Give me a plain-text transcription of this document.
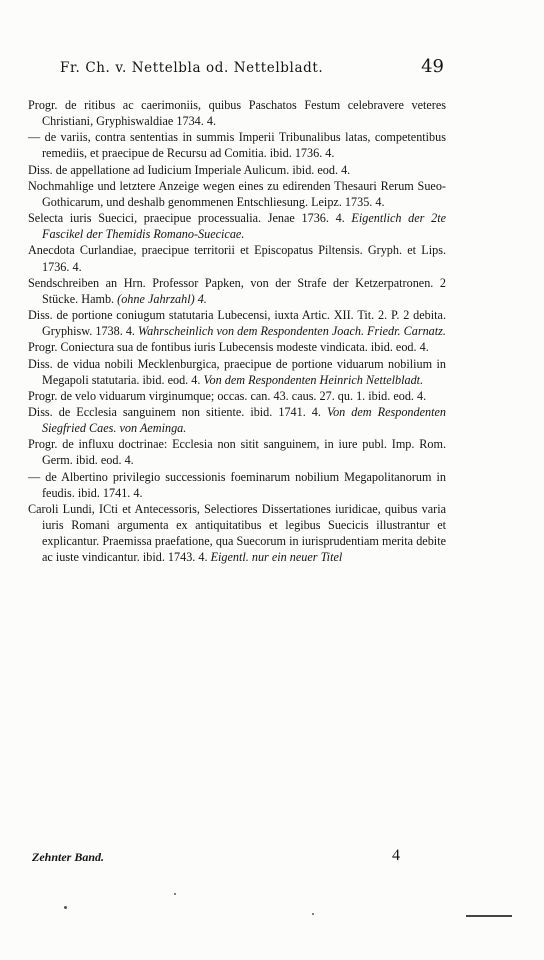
Fr. Ch. v. Nettelbla od. Nettelbladt.	49

Progr. de ritibus ac caerimoniis, quibus Paschatos Festum celebravere veteres Christiani, Gryphiswaldiae 1734. 4.

— de variis, contra sententias in summis Imperii Tribunalibus latas, competentibus remediis, et praecipue de Recursu ad Comitia. ibid. 1736. 4.

Diss. de appellatione ad Iudicium Imperiale Aulicum. ibid. eod. 4.

Nochmahlige und letztere Anzeige wegen eines zu edirenden Thesauri Rerum Sueo-Gothicarum, und deshalb genommenen Entschliesung. Leipz. 1735. 4.

Selecta iuris Suecici, praecipue processualia. Jenae 1736. 4. Eigentlich der 2te Fascikel der Themidis Romano-Suecicae.

Anecdota Curlandiae, praecipue territorii et Episcopatus Piltensis. Gryph. et Lips. 1736. 4.

Sendschreiben an Hrn. Professor Papken, von der Strafe der Ketzerpatronen. 2 Stücke. Hamb. (ohne Jahrzahl) 4.

Diss. de portione coniugum statutaria Lubecensi, iuxta Artic. XII. Tit. 2. P. 2 debita. Gryphisw. 1738. 4. Wahrscheinlich von dem Respondenten Joach. Friedr. Carnatz.

Progr. Coniectura sua de fontibus iuris Lubecensis modeste vindicata. ibid. eod. 4.

Diss. de vidua nobili Mecklenburgica, praecipue de portione viduarum nobilium in Megapoli statutaria. ibid. eod. 4. Von dem Respondenten Heinrich Nettelbladt.

Progr. de velo viduarum virginumque; occas. can. 43. caus. 27. qu. 1. ibid. eod. 4.

Diss. de Ecclesia sanguinem non sitiente. ibid. 1741. 4. Von dem Respondenten Siegfried Caes. von Aeminga.

Progr. de influxu doctrinae: Ecclesia non sitit sanguinem, in iure publ. Imp. Rom. Germ. ibid. eod. 4.

— de Albertino privilegio successionis foeminarum nobilium Megapolitanorum in feudis. ibid. 1741. 4.

Caroli Lundi, ICti et Antecessoris, Selectiores Dissertationes iuridicae, quibus varia iuris Romani argumenta ex antiquitatibus et legibus Suecicis illustrantur et explicantur. Praemissa praefatione, qua Suecorum in iurisprudentiam merita debite ac iuste vindicantur. ibid. 1743. 4. Eigentl. nur ein neuer Titel

Zehnter Band.	4
